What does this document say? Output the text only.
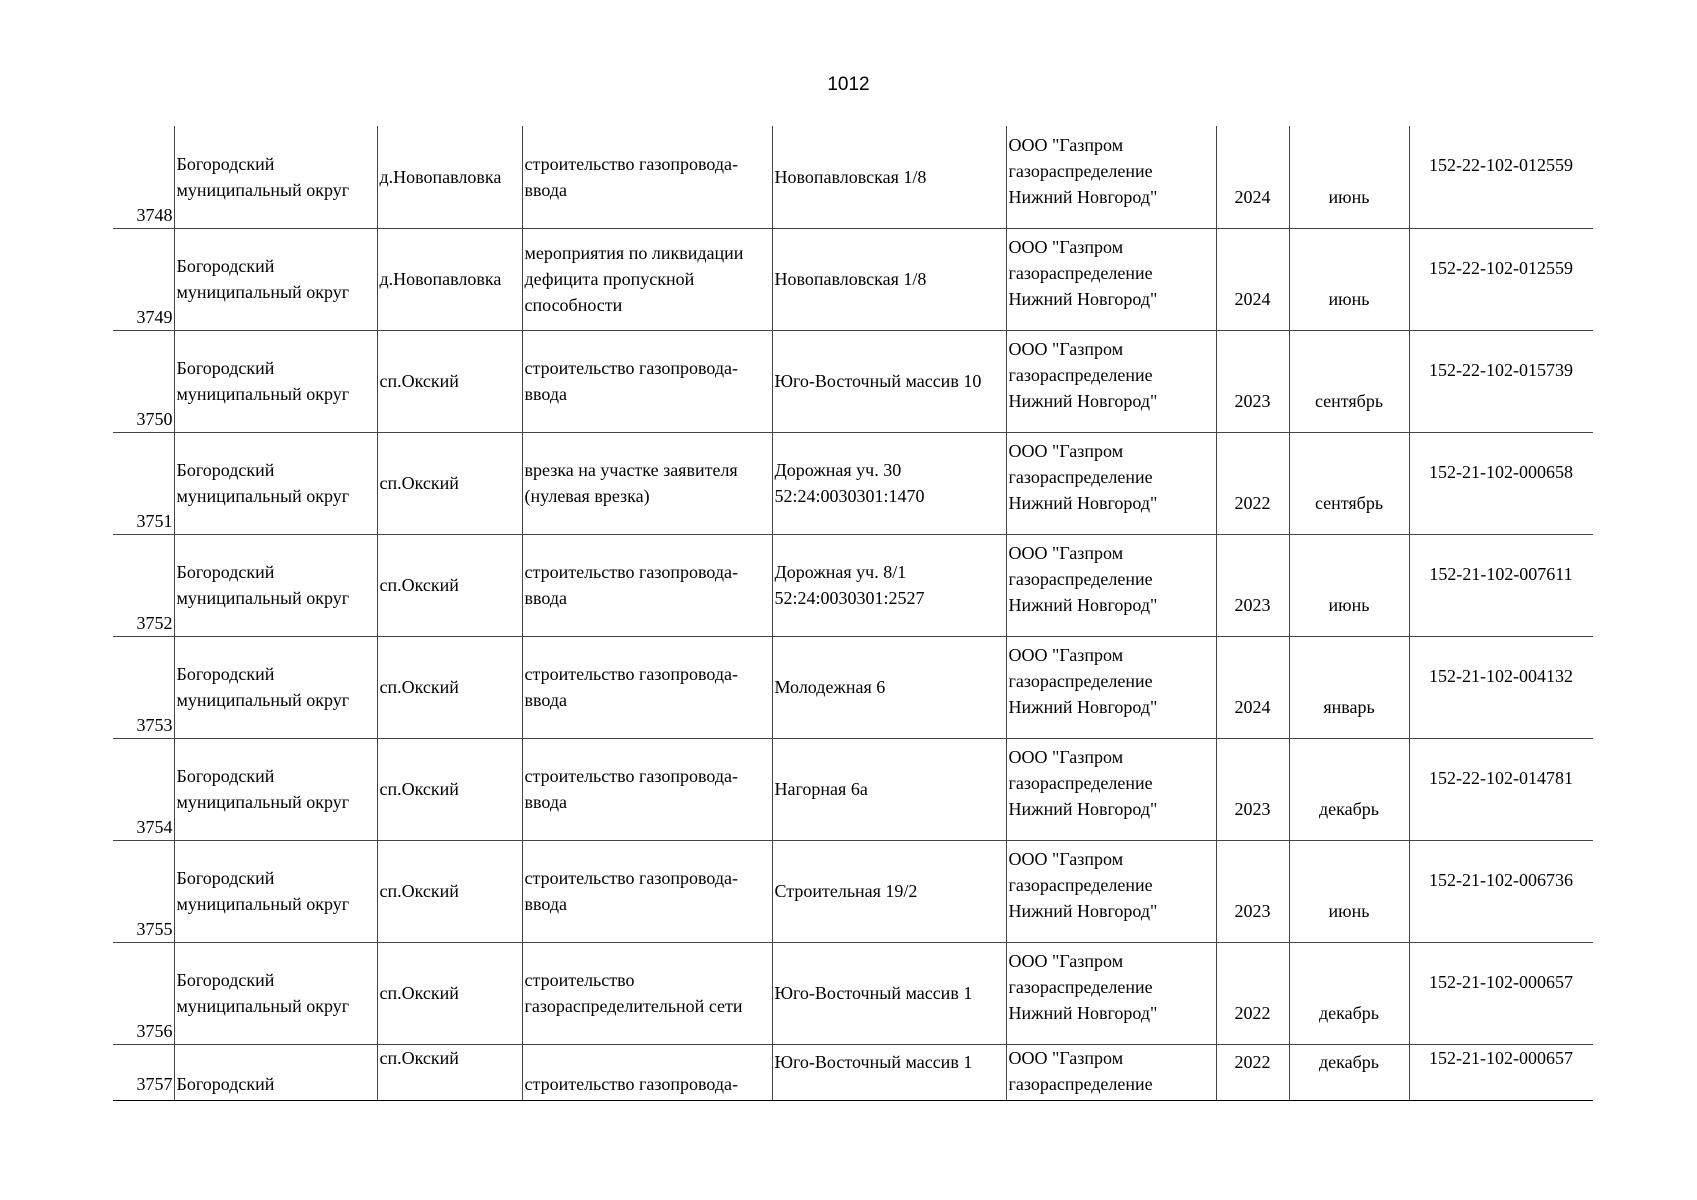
1012
3748	Богородский муниципальный округ	д.Новопавловка	строительство газопровода-ввода	Новопавловская 1/8	ООО "Газпром газораспределение Нижний Новгород"	2024	июнь	152-22-102-012559
3749	Богородский муниципальный округ	д.Новопавловка	мероприятия по ликвидации дефицита пропускной способности	Новопавловская 1/8	ООО "Газпром газораспределение Нижний Новгород"	2024	июнь	152-22-102-012559
3750	Богородский муниципальный округ	сп.Окский	строительство газопровода-ввода	Юго-Восточный массив 10	ООО "Газпром газораспределение Нижний Новгород"	2023	сентябрь	152-22-102-015739
3751	Богородский муниципальный округ	сп.Окский	врезка на участке заявителя (нулевая врезка)	Дорожная уч. 30 52:24:0030301:1470	ООО "Газпром газораспределение Нижний Новгород"	2022	сентябрь	152-21-102-000658
3752	Богородский муниципальный округ	сп.Окский	строительство газопровода-ввода	Дорожная уч. 8/1 52:24:0030301:2527	ООО "Газпром газораспределение Нижний Новгород"	2023	июнь	152-21-102-007611
3753	Богородский муниципальный округ	сп.Окский	строительство газопровода-ввода	Молодежная 6	ООО "Газпром газораспределение Нижний Новгород"	2024	январь	152-21-102-004132
3754	Богородский муниципальный округ	сп.Окский	строительство газопровода-ввода	Нагорная 6а	ООО "Газпром газораспределение Нижний Новгород"	2023	декабрь	152-22-102-014781
3755	Богородский муниципальный округ	сп.Окский	строительство газопровода-ввода	Строительная 19/2	ООО "Газпром газораспределение Нижний Новгород"	2023	июнь	152-21-102-006736
3756	Богородский муниципальный округ	сп.Окский	строительство газораспределительной сети	Юго-Восточный массив 1	ООО "Газпром газораспределение Нижний Новгород"	2022	декабрь	152-21-102-000657
3757	Богородский	сп.Окский	строительство газопровода-	Юго-Восточный массив 1	ООО "Газпром газораспределение	2022	декабрь	152-21-102-000657
